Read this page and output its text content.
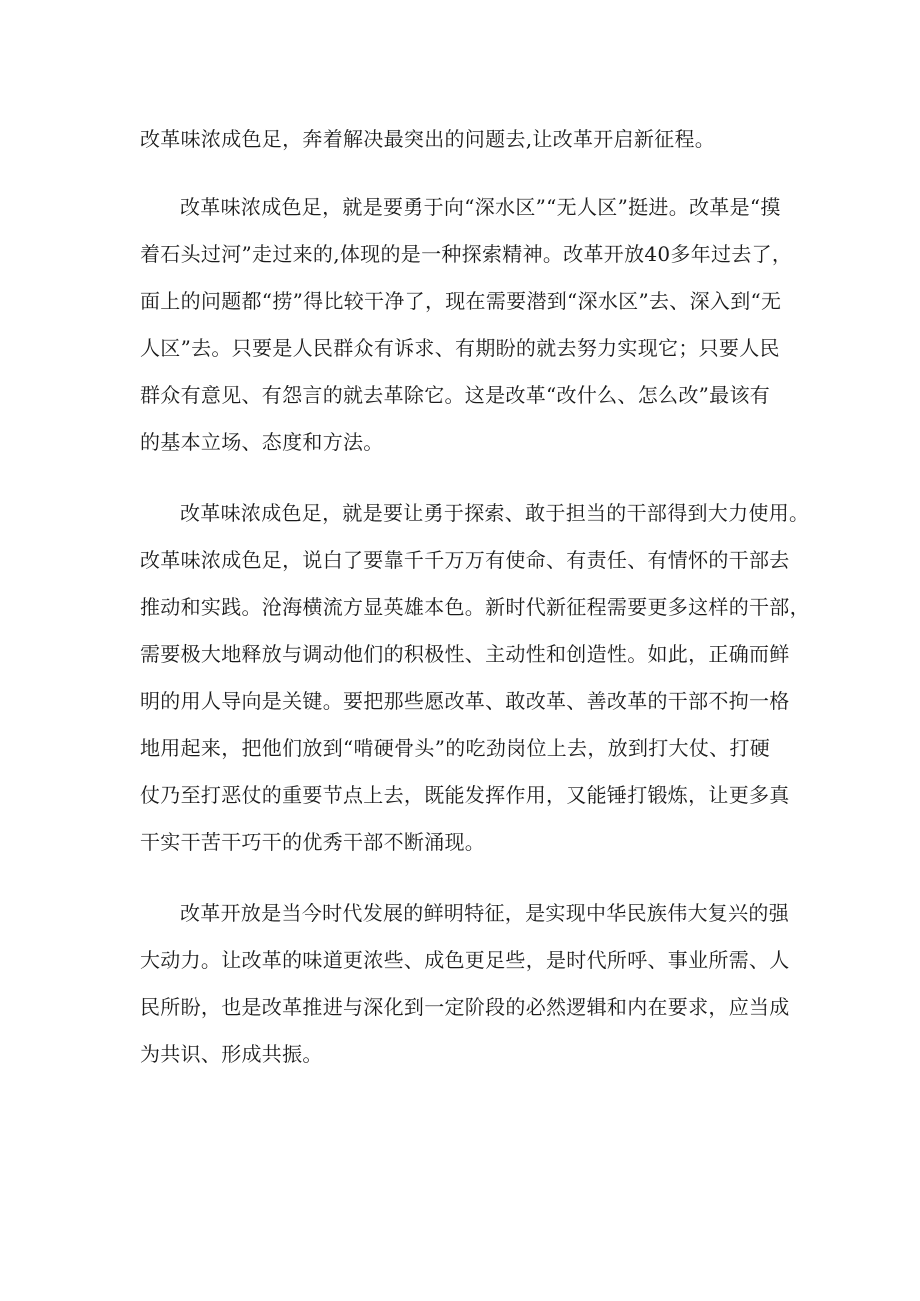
改革味浓成色足，奔着解决最突出的问题去,让改革开启新征程。
改革味浓成色足，就是要勇于向“深水区”“无人区”挺进。改革是“摸
着石头过河”走过来的,体现的是一种探索精神。改革开放40多年过去了，
面上的问题都“捞”得比较干净了，现在需要潜到“深水区”去、深入到“无
人区”去。只要是人民群众有诉求、有期盼的就去努力实现它；只要人民
群众有意见、有怨言的就去革除它。这是改革“改什么、怎么改”最该有
的基本立场、态度和方法。
改革味浓成色足，就是要让勇于探索、敢于担当的干部得到大力使用。
改革味浓成色足，说白了要靠千千万万有使命、有责任、有情怀的干部去
推动和实践。沧海横流方显英雄本色。新时代新征程需要更多这样的干部，
需要极大地释放与调动他们的积极性、主动性和创造性。如此，正确而鲜
明的用人导向是关键。要把那些愿改革、敢改革、善改革的干部不拘一格
地用起来，把他们放到“啃硬骨头”的吃劲岗位上去，放到打大仗、打硬
仗乃至打恶仗的重要节点上去，既能发挥作用，又能锤打锻炼，让更多真
干实干苦干巧干的优秀干部不断涌现。
改革开放是当今时代发展的鲜明特征，是实现中华民族伟大复兴的强
大动力。让改革的味道更浓些、成色更足些，是时代所呼、事业所需、人
民所盼，也是改革推进与深化到一定阶段的必然逻辑和内在要求，应当成
为共识、形成共振。
